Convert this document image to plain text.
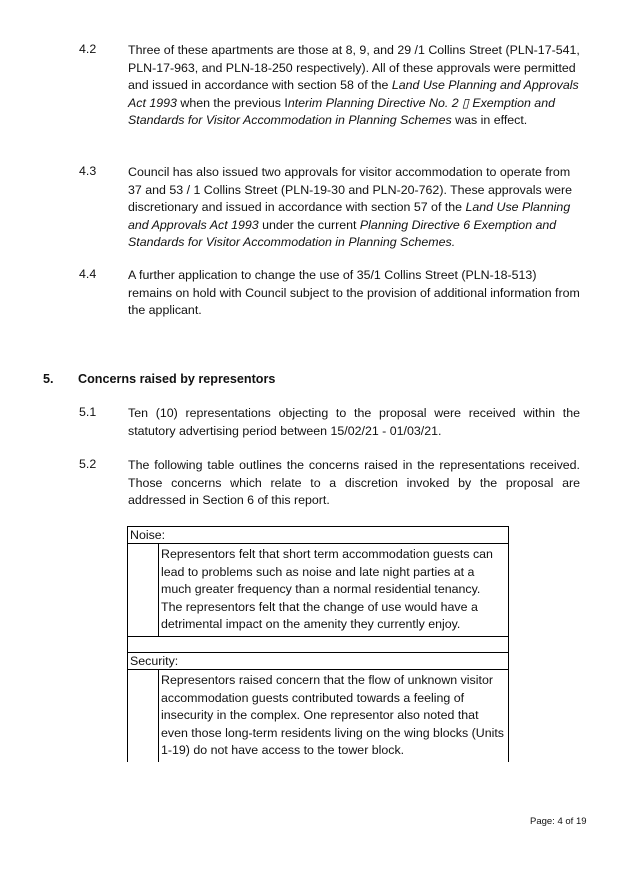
4.2	Three of these apartments are those at 8, 9, and 29 /1 Collins Street (PLN-17-541, PLN-17-963, and PLN-18-250 respectively). All of these approvals were permitted and issued in accordance with section 58 of the Land Use Planning and Approvals Act 1993 when the previous Interim Planning Directive No. 2 ▯ Exemption and Standards for Visitor Accommodation in Planning Schemes was in effect.
4.3	Council has also issued two approvals for visitor accommodation to operate from 37 and 53 / 1 Collins Street (PLN-19-30 and PLN-20-762). These approvals were discretionary and issued in accordance with section 57 of the Land Use Planning and Approvals Act 1993 under the current Planning Directive 6 Exemption and Standards for Visitor Accommodation in Planning Schemes.
4.4	A further application to change the use of 35/1 Collins Street (PLN-18-513) remains on hold with Council subject to the provision of additional information from the applicant.
5. Concerns raised by representors
5.1	Ten (10) representations objecting to the proposal were received within the statutory advertising period between 15/02/21 - 01/03/21.
5.2	The following table outlines the concerns raised in the representations received. Those concerns which relate to a discretion invoked by the proposal are addressed in Section 6 of this report.
Noise:
Representors felt that short term accommodation guests can lead to problems such as noise and late night parties at a much greater frequency than a normal residential tenancy. The representors felt that the change of use would have a detrimental impact on the amenity they currently enjoy.
Security:
Representors raised concern that the flow of unknown visitor accommodation guests contributed towards a feeling of insecurity in the complex. One representor also noted that even those long-term residents living on the wing blocks (Units 1-19) do not have access to the tower block.
Page: 4 of 19
